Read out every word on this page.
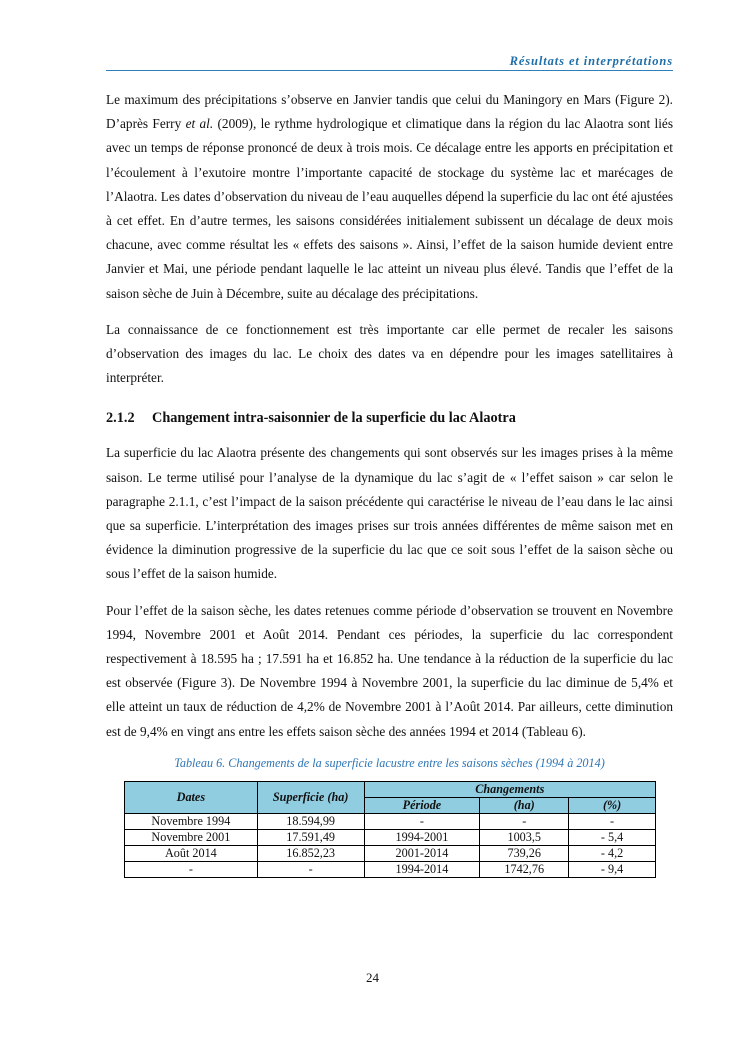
Résultats et interprétations

Le maximum des précipitations s’observe en Janvier tandis que celui du Maningory en Mars (Figure 2). D’après Ferry et al. (2009), le rythme hydrologique et climatique dans la région du lac Alaotra sont liés avec un temps de réponse prononcé de deux à trois mois. Ce décalage entre les apports en précipitation et l’écoulement à l’exutoire montre l’importante capacité de stockage du système lac et marécages de l’Alaotra. Les dates d’observation du niveau de l’eau auquelles dépend la superficie du lac ont été ajustées à cet effet. En d’autre termes, les saisons considérées initialement subissent un décalage de deux mois chacune, avec comme résultat les « effets des saisons ». Ainsi, l’effet de la saison humide devient entre Janvier et Mai, une période pendant laquelle le lac atteint un niveau plus élevé. Tandis que l’effet de la saison sèche de Juin à Décembre, suite au décalage des précipitations.

La connaissance de ce fonctionnement est très importante car elle permet de recaler les saisons d’observation des images du lac. Le choix des dates va en dépendre pour les images satellitaires à interpréter.

2.1.2 Changement intra-saisonnier de la superficie du lac Alaotra

La superficie du lac Alaotra présente des changements qui sont observés sur les images prises à la même saison. Le terme utilisé pour l’analyse de la dynamique du lac s’agit de « l’effet saison » car selon le paragraphe 2.1.1, c’est l’impact de la saison précédente qui caractérise le niveau de l’eau dans le lac ainsi que sa superficie. L’interprétation des images prises sur trois années différentes de même saison met en évidence la diminution progressive de la superficie du lac que ce soit sous l’effet de la saison sèche ou sous l’effet de la saison humide.

Pour l’effet de la saison sèche, les dates retenues comme période d’observation se trouvent en Novembre 1994, Novembre 2001 et Août 2014. Pendant ces périodes, la superficie du lac correspondent respectivement à 18.595 ha ; 17.591 ha et 16.852 ha. Une tendance à la réduction de la superficie du lac est observée (Figure 3). De Novembre 1994 à Novembre 2001, la superficie du lac diminue de 5,4% et elle atteint un taux de réduction de 4,2% de Novembre 2001 à l’Août 2014. Par ailleurs, cette diminution est de 9,4% en vingt ans entre les effets saison sèche des années 1994 et 2014 (Tableau 6).

Tableau 6. Changements de la superficie lacustre entre les saisons sèches (1994 à 2014)
Dates	Superficie (ha)	Changements		
		Période	(ha)	(%)
Novembre 1994	18.594,99	-	-	-
Novembre 2001	17.591,49	1994-2001	1003,5	- 5,4
Août 2014	16.852,23	2001-2014	739,26	- 4,2
-	-	1994-2014	1742,76	- 9,4
24
